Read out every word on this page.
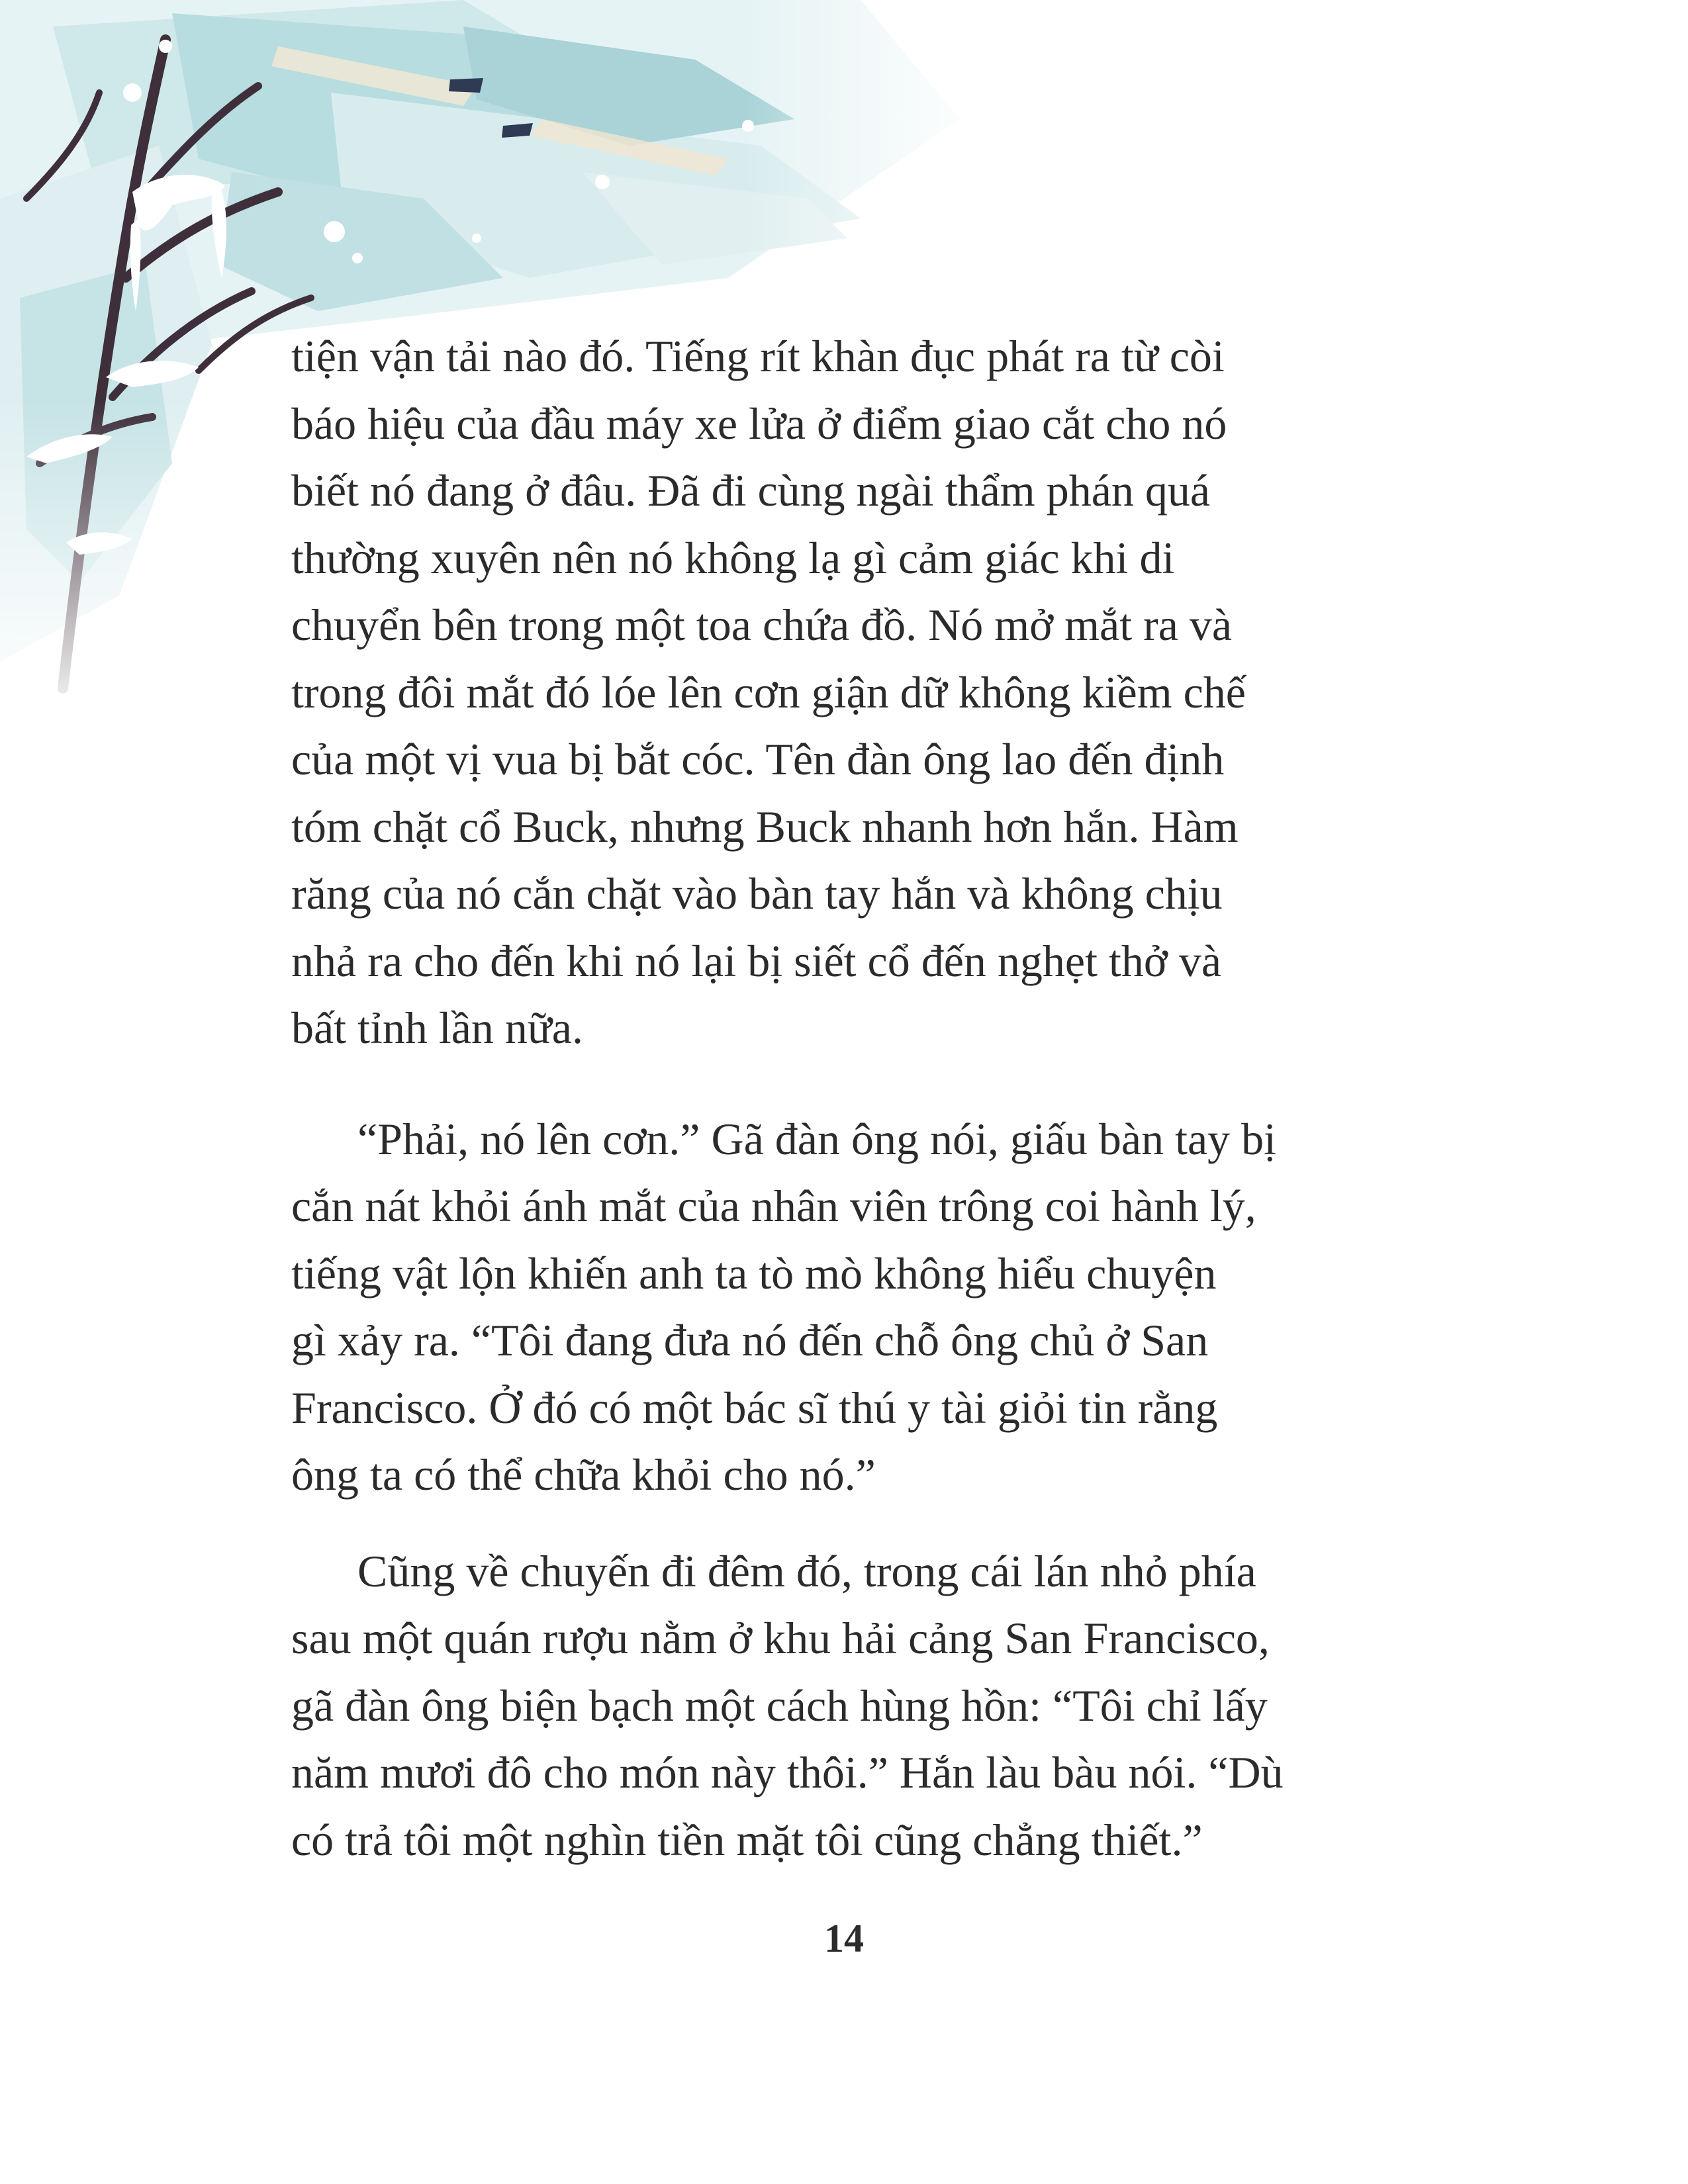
tiện vận tải nào đó. Tiếng rít khàn đục phát ra từ còi
báo hiệu của đầu máy xe lửa ở điểm giao cắt cho nó
biết nó đang ở đâu. Đã đi cùng ngài thẩm phán quá
thường xuyên nên nó không lạ gì cảm giác khi di
chuyển bên trong một toa chứa đồ. Nó mở mắt ra và
trong đôi mắt đó lóe lên cơn giận dữ không kiềm chế
của một vị vua bị bắt cóc. Tên đàn ông lao đến định
tóm chặt cổ Buck, nhưng Buck nhanh hơn hắn. Hàm
răng của nó cắn chặt vào bàn tay hắn và không chịu
nhả ra cho đến khi nó lại bị siết cổ đến nghẹt thở và
bất tỉnh lần nữa.

“Phải, nó lên cơn.” Gã đàn ông nói, giấu bàn tay bị
cắn nát khỏi ánh mắt của nhân viên trông coi hành lý,
tiếng vật lộn khiến anh ta tò mò không hiểu chuyện
gì xảy ra. “Tôi đang đưa nó đến chỗ ông chủ ở San
Francisco. Ở đó có một bác sĩ thú y tài giỏi tin rằng
ông ta có thể chữa khỏi cho nó.”

Cũng về chuyến đi đêm đó, trong cái lán nhỏ phía
sau một quán rượu nằm ở khu hải cảng San Francisco,
gã đàn ông biện bạch một cách hùng hồn: “Tôi chỉ lấy
năm mươi đô cho món này thôi.” Hắn làu bàu nói. “Dù
có trả tôi một nghìn tiền mặt tôi cũng chẳng thiết.”

14
